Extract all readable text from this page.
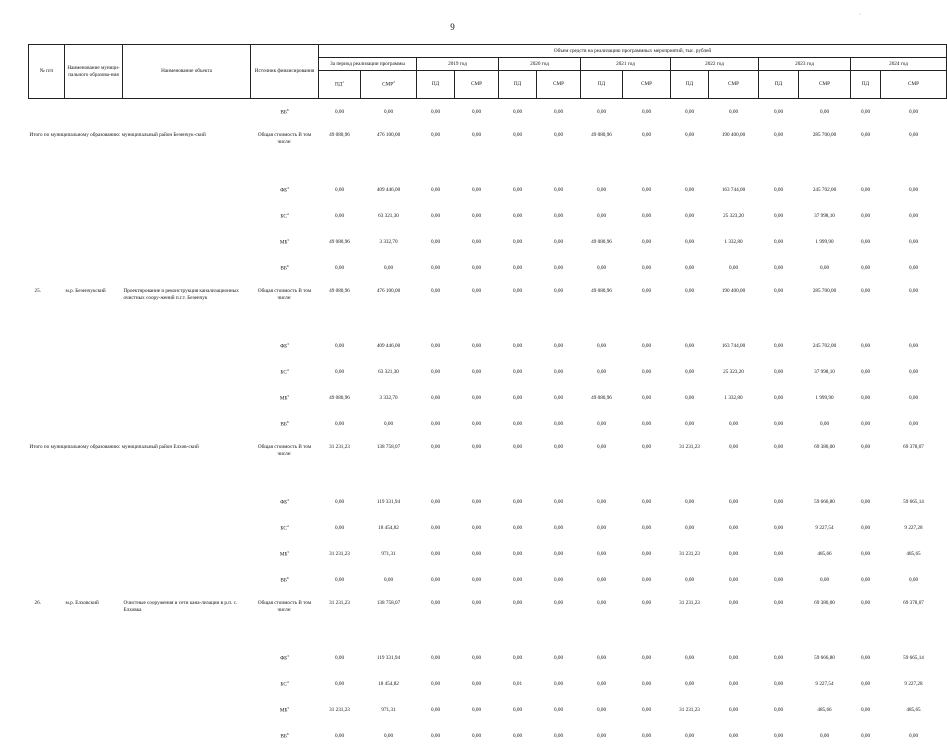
9
·
№ п/п	Наименование муници-пального образова-ния	Наименование объекта	Источник финансирования	Объем средств на реализацию программных мероприятий, тыс. рублей													
				За период реализации программы		2019 год		2020 год		2021 год		2022 год		2023 год		2024 год	
				$ПД^1$	СМР$^2$	ПД	СМР	ПД	СМР	ПД	СМР	ПД	СМР	ПД	СМР	ПД	СМР
			$ВБ^6$	0,00	0,00	0,00	0,00	0,00	0,00	0,00	0,00	0,00	0,00	0,00	0,00	0,00	0,00
Итого по муниципальному образованию: муниципальный район Безенчук-ский			Общая стоимость В том числе:	49 080,96	476 100,00	0,00	0,00	0,00	0,00	49 080,96	0,00	0,00	190 400,00	0,00	285 700,00	0,00	0,00
			$ФБ^3$	0,00	409 446,00	0,00	0,00	0,00	0,00	0,00	0,00	0,00	163 744,00	0,00	245 702,00	0,00	0,00
			$БС^4$	0,00	63 321,30	0,00	0,00	0,00	0,00	0,00	0,00	0,00	25 323,20	0,00	37 998,10	0,00	0,00
			$МБ^5$	49 080,96	3 332,70	0,00	0,00	0,00	0,00	49 080,96	0,00	0,00	1 332,80	0,00	1 999,90	0,00	0,00
			$ВБ^6$	0,00	0,00	0,00	0,00	0,00	0,00	0,00	0,00	0,00	0,00	0,00	0,00	0,00	0,00
25.	м.р. Безенчукский	Проектирование и реконструкция канализационных очистных соору-жений п.г.т. Безенчук	Общая стоимость В том числе:	49 080,96	476 100,00	0,00	0,00	0,00	0,00	49 080,96	0,00	0,00	190 400,00	0,00	285 700,00	0,00	0,00
			$ФБ^3$	0,00	409 446,00	0,00	0,00	0,00	0,00	0,00	0,00	0,00	163 744,00	0,00	245 702,00	0,00	0,00
			$БС^4$	0,00	63 321,30	0,00	0,00	0,00	0,00	0,00	0,00	0,00	25 323,20	0,00	37 998,10	0,00	0,00
			$МБ^5$	49 080,96	3 332,70	0,00	0,00	0,00	0,00	49 080,96	0,00	0,00	1 332,80	0,00	1 999,90	0,00	0,00
			$ВБ^6$	0,00	0,00	0,00	0,00	0,00	0,00	0,00	0,00	0,00	0,00	0,00	0,00	0,00	0,00
Итого по муниципальному образованию: муниципальный район Елхов-ский			Общая стоимость В том числе:	31 231,23	138 758,07	0,00	0,00	0,00	0,00	0,00	0,00	31 231,23	0,00	0,00	69 380,00	0,00	69 378,07
			$ФБ^3$	0,00	119 331,94	0,00	0,00	0,00	0,00	0,00	0,00	0,00	0,00	0,00	59 666,80	0,00	59 665,14
			$БС^4$	0,00	18 454,82	0,00	0,00	0,00	0,00	0,00	0,00	0,00	0,00	0,00	9 227,54	0,00	9 227,28
			$МБ^5$	31 231,23	971,31	0,00	0,00	0,00	0,00	0,00	0,00	31 231,23	0,00	0,00	485,66	0,00	485,65
			$ВБ^6$	0,00	0,00	0,00	0,00	0,00	0,00	0,00	0,00	0,00	0,00	0,00	0,00	0,00	0,00
26.	м.р. Елховский	Очистные сооружения и сети кана-лизации в р.п. с. Елховка	Общая стоимость В том числе:	31 231,23	138 758,07	0,00	0,00	0,00	0,00	0,00	0,00	31 231,23	0,00	0,00	69 380,00	0,00	69 378,07
			$ФБ^3$	0,00	119 331,94	0,00	0,00	0,00	0,00	0,00	0,00	0,00	0,00	0,00	59 666,80	0,00	59 665,14
			$БС^4$	0,00	18 454,82	0,00	0,00	0,01	0,00	0,00	0,00	0,00	0,00	0,00	9 227,54	0,00	9 227,28
			$МБ^5$	31 231,23	971,31	0,00	0,00	0,00	0,00	0,00	0,00	31 231,23	0,00	0,00	485,66	0,00	485,65
			$ВБ^6$	0,00	0,00	0,00	0,00	0,00	0,00	0,00	0,00	0,00	0,00	0,00	0,00	0,00	0,00
